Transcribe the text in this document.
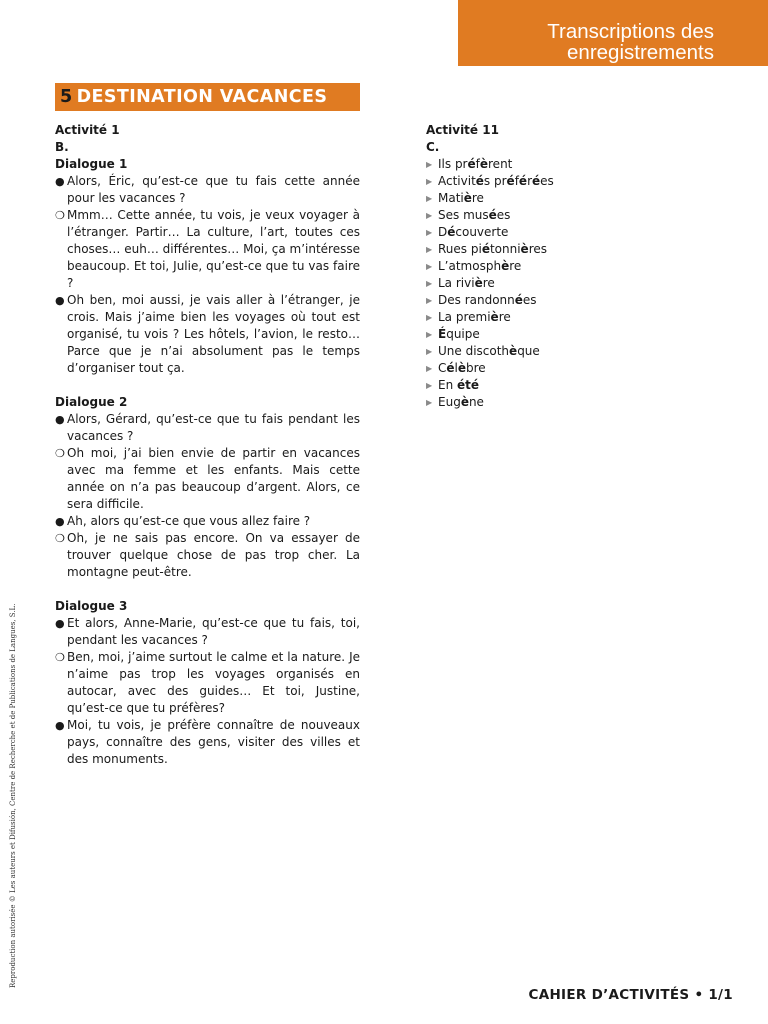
Transcriptions des
enregistrements
5 DESTINATION VACANCES
Activité 1
B.
Dialogue 1
● Alors, Éric, qu’est-ce que tu fais cette année pour les vacances ?
❍ Mmm… Cette année, tu vois, je veux voyager à l’étranger. Partir… La culture, l’art, toutes ces choses… euh… différentes… Moi, ça m’intéresse beaucoup. Et toi, Julie, qu’est-ce que tu vas faire ?
● Oh ben, moi aussi, je vais aller à l’étranger, je crois. Mais j’aime bien les voyages où tout est organisé, tu vois ? Les hôtels, l’avion, le resto… Parce que je n’ai absolument pas le temps d’organiser tout ça.
Dialogue 2
● Alors, Gérard, qu’est-ce que tu fais pendant les vacances ?
❍ Oh moi, j’ai bien envie de partir en vacances avec ma femme et les enfants. Mais cette année on n’a pas beaucoup d’argent. Alors, ce sera difficile.
● Ah, alors qu’est-ce que vous allez faire ?
❍ Oh, je ne sais pas encore. On va essayer de trouver quelque chose de pas trop cher. La montagne peut-être.
Dialogue 3
● Et alors, Anne-Marie, qu’est-ce que tu fais, toi, pendant les vacances ?
❍ Ben, moi, j’aime surtout le calme et la nature. Je n’aime pas trop les voyages organisés en autocar, avec des guides… Et toi, Justine, qu’est-ce que tu préfères?
● Moi, tu vois, je préfère connaître de nouveaux pays, connaître des gens, visiter des villes et des monuments.
Activité 11
C.
▶ Ils préfèrent
▶ Activités préférées
▶ Matière
▶ Ses musées
▶ Découverte
▶ Rues piétonnières
▶ L’atmosphère
▶ La rivière
▶ Des randonnées
▶ La première
▶ Équipe
▶ Une discothèque
▶ Célèbre
▶ En été
▶ Eugène
CAHIER D’ACTIVITÉS • 1/1
Reproduction autorisée © Les auteurs et Difusión, Centre de Recherche et de Publications de Langues, S.L.
